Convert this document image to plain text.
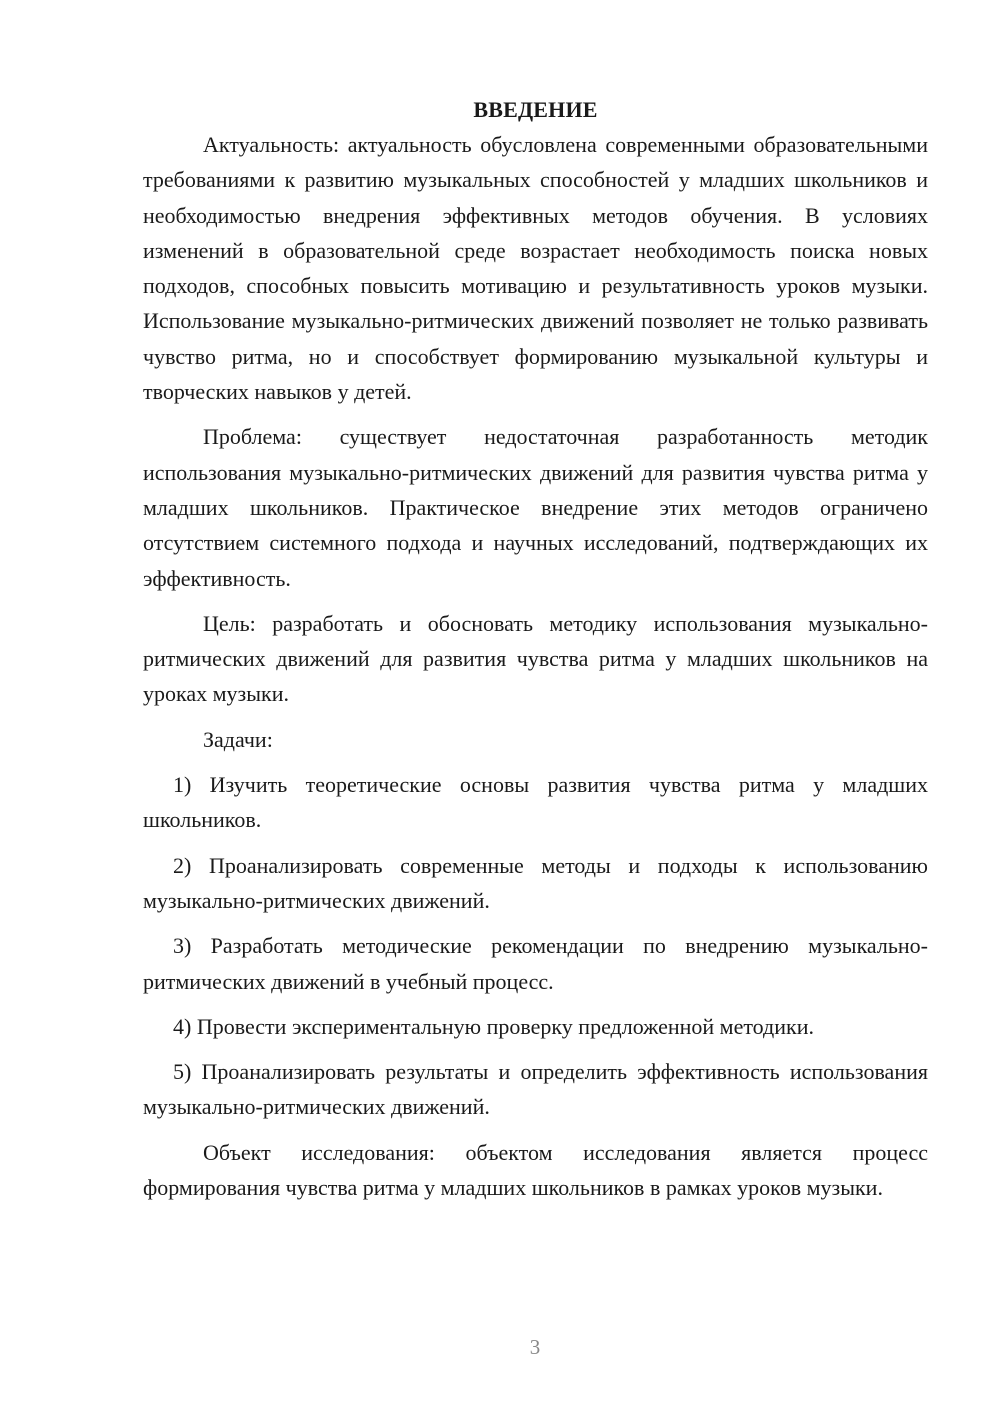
ВВЕДЕНИЕ

Актуальность: актуальность обусловлена современными образовательными требованиями к развитию музыкальных способностей у младших школьников и необходимостью внедрения эффективных методов обучения. В условиях изменений в образовательной среде возрастает необходимость поиска новых подходов, способных повысить мотивацию и результативность уроков музыки. Использование музыкально-ритмических движений позволяет не только развивать чувство ритма, но и способствует формированию музыкальной культуры и творческих навыков у детей.

Проблема: существует недостаточная разработанность методик использования музыкально-ритмических движений для развития чувства ритма у младших школьников. Практическое внедрение этих методов ограничено отсутствием системного подхода и научных исследований, подтверждающих их эффективность.

Цель: разработать и обосновать методику использования музыкально-ритмических движений для развития чувства ритма у младших школьников на уроках музыки.

Задачи:

1) Изучить теоретические основы развития чувства ритма у младших школьников.

2) Проанализировать современные методы и подходы к использованию музыкально-ритмических движений.

3) Разработать методические рекомендации по внедрению музыкально-ритмических движений в учебный процесс.

4) Провести экспериментальную проверку предложенной методики.

5) Проанализировать результаты и определить эффективность использования музыкально-ритмических движений.

Объект исследования: объектом исследования является процесс формирования чувства ритма у младших школьников в рамках уроков музыки.

3
